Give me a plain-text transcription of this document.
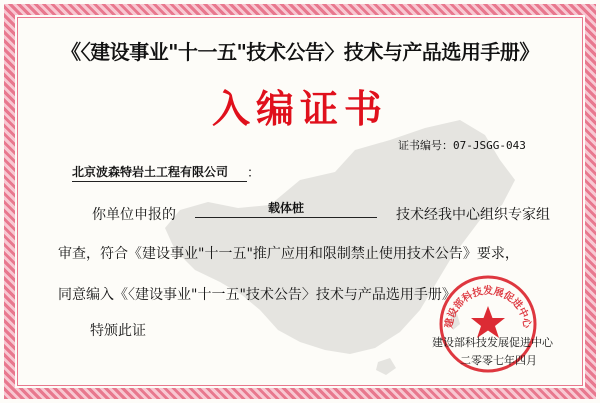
《〈建设事业"十一五"技术公告〉技术与产品选用手册》
入编证书
证书编号：07-JSGG-043
北京波森特岩土工程有限公司	：
你单位申报的	载体桩	技术经我中心组织专家组
审查，符合《建设事业"十一五"推广应用和限制禁止使用技术公告》要求，
同意编入《〈建设事业"十一五"技术公告〉技术与产品选用手册》
特颁此证	建设部科技发展促进中心
建设部科技发展促进中心
二零零七年四月
